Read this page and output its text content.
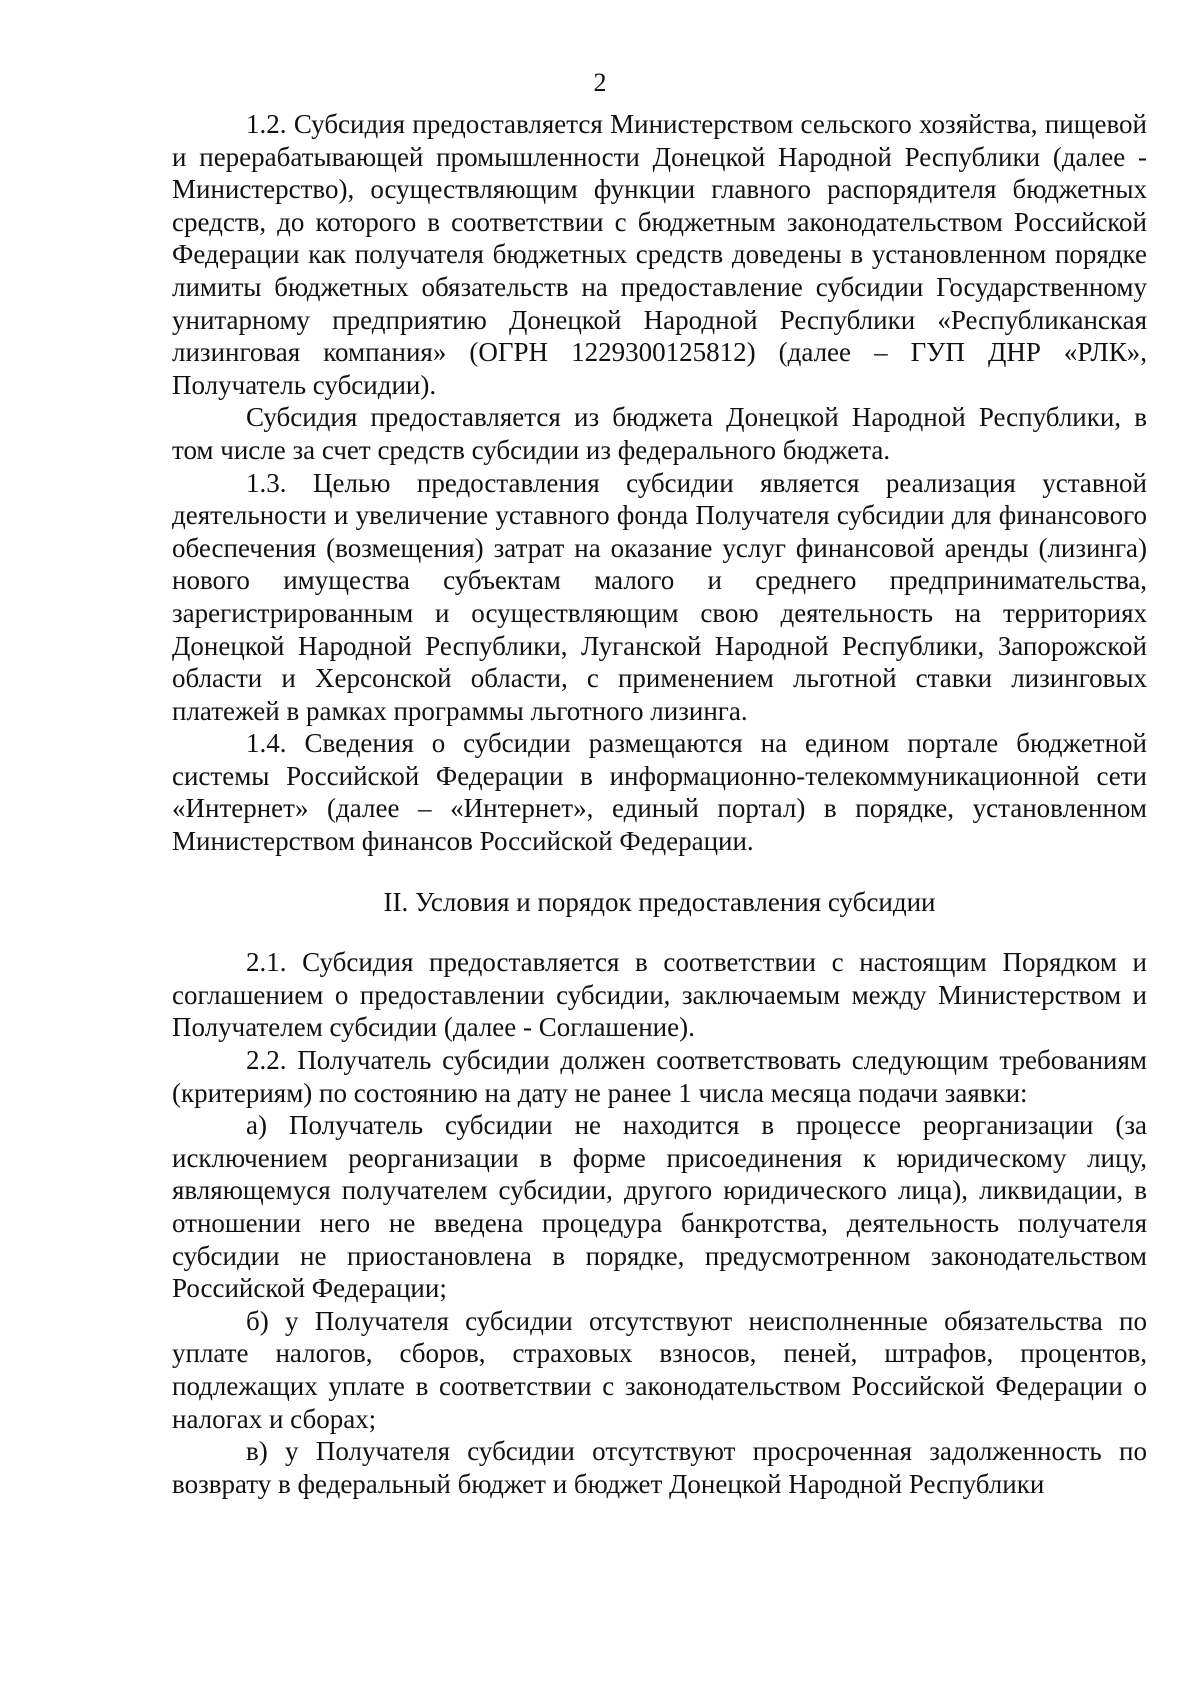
2

1.2. Субсидия предоставляется Министерством сельского хозяйства, пищевой и перерабатывающей промышленности Донецкой Народной Республики (далее - Министерство), осуществляющим функции главного распорядителя бюджетных средств, до которого в соответствии с бюджетным законодательством Российской Федерации как получателя бюджетных средств доведены в установленном порядке лимиты бюджетных обязательств на предоставление субсидии Государственному унитарному предприятию Донецкой Народной Республики «Республиканская лизинговая компания» (ОГРН 1229300125812) (далее – ГУП ДНР «РЛК», Получатель субсидии).

Субсидия предоставляется из бюджета Донецкой Народной Республики, в том числе за счет средств субсидии из федерального бюджета.

1.3. Целью предоставления субсидии является реализация уставной деятельности и увеличение уставного фонда Получателя субсидии для финансового обеспечения (возмещения) затрат на оказание услуг финансовой аренды (лизинга) нового имущества субъектам малого и среднего предпринимательства, зарегистрированным и осуществляющим свою деятельность на территориях Донецкой Народной Республики, Луганской Народной Республики, Запорожской области и Херсонской области, с применением льготной ставки лизинговых платежей в рамках программы льготного лизинга.

1.4. Сведения о субсидии размещаются на едином портале бюджетной системы Российской Федерации в информационно-телекоммуникационной сети «Интернет» (далее – «Интернет», единый портал) в порядке, установленном Министерством финансов Российской Федерации.

II. Условия и порядок предоставления субсидии

2.1. Субсидия предоставляется в соответствии с настоящим Порядком и соглашением о предоставлении субсидии, заключаемым между Министерством и Получателем субсидии (далее - Соглашение).

2.2. Получатель субсидии должен соответствовать следующим требованиям (критериям) по состоянию на дату не ранее 1 числа месяца подачи заявки:

а) Получатель субсидии не находится в процессе реорганизации (за исключением реорганизации в форме присоединения к юридическому лицу, являющемуся получателем субсидии, другого юридического лица), ликвидации, в отношении него не введена процедура банкротства, деятельность получателя субсидии не приостановлена в порядке, предусмотренном законодательством Российской Федерации;

б) у Получателя субсидии отсутствуют неисполненные обязательства по уплате налогов, сборов, страховых взносов, пеней, штрафов, процентов, подлежащих уплате в соответствии с законодательством Российской Федерации о налогах и сборах;

в) у Получателя субсидии отсутствуют просроченная задолженность по возврату в федеральный бюджет и бюджет Донецкой Народной Республики
